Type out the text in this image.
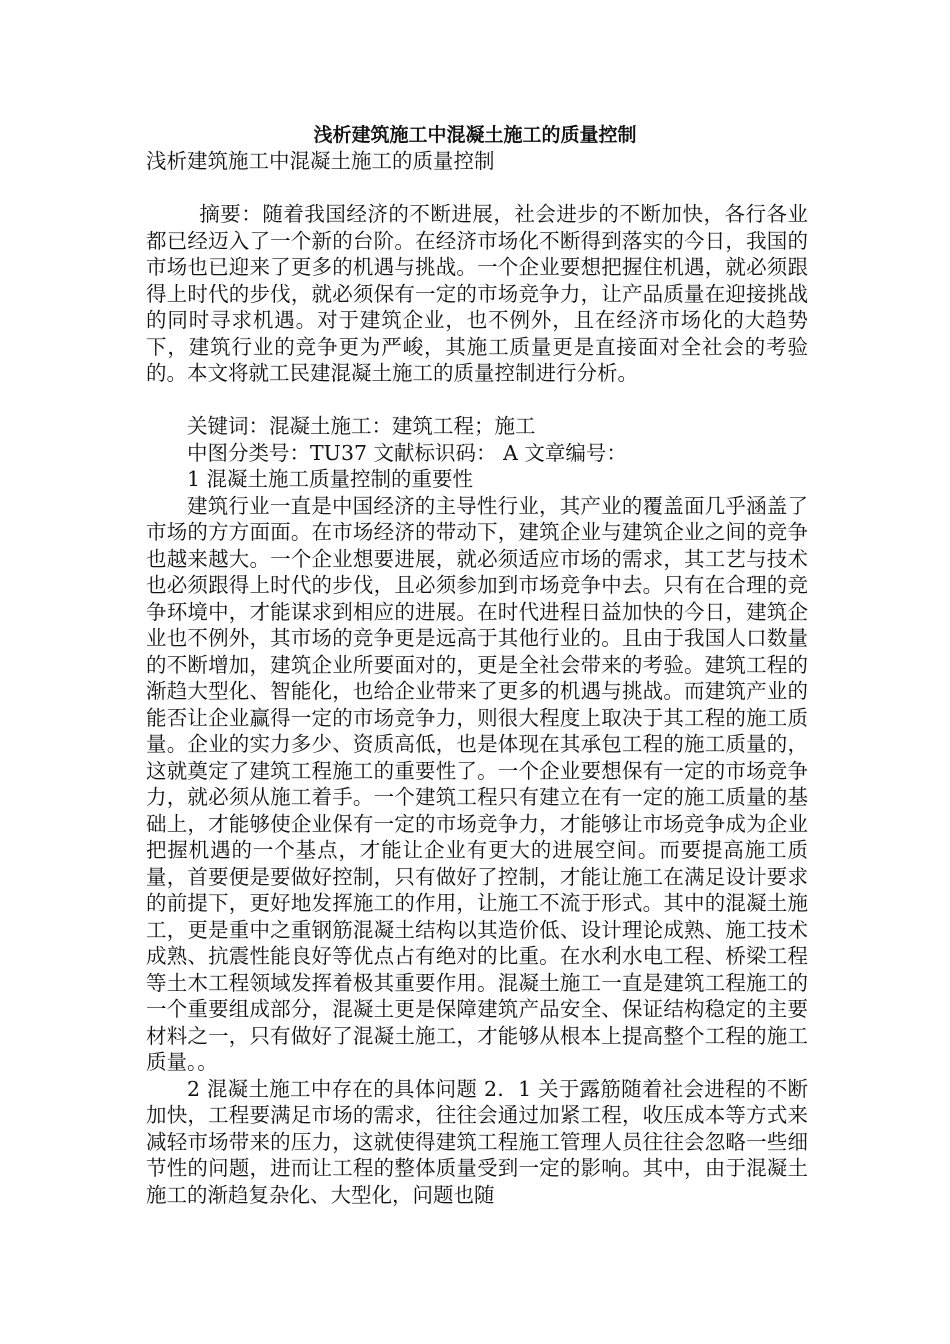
浅析建筑施工中混凝土施工的质量控制

浅析建筑施工中混凝土施工的质量控制

摘要：随着我国经济的不断进展，社会进步的不断加快，各行各业都已经迈入了一个新的台阶。在经济市场化不断得到落实的今日，我国的市场也已迎来了更多的机遇与挑战。一个企业要想把握住机遇，就必须跟得上时代的步伐，就必须保有一定的市场竞争力，让产品质量在迎接挑战的同时寻求机遇。对于建筑企业，也不例外，且在经济市场化的大趋势下，建筑行业的竞争更为严峻，其施工质量更是直接面对全社会的考验的。本文将就工民建混凝土施工的质量控制进行分析。

关键词：混凝土施工：建筑工程；施工

中图分类号：TU37 文献标识码： A 文章编号：

1 混凝土施工质量控制的重要性

建筑行业一直是中国经济的主导性行业，其产业的覆盖面几乎涵盖了市场的方方面面。在市场经济的带动下，建筑企业与建筑企业之间的竞争也越来越大。一个企业想要进展，就必须适应市场的需求，其工艺与技术也必须跟得上时代的步伐，且必须参加到市场竞争中去。只有在合理的竞争环境中，才能谋求到相应的进展。在时代进程日益加快的今日，建筑企业也不例外，其市场的竞争更是远高于其他行业的。且由于我国人口数量的不断增加，建筑企业所要面对的，更是全社会带来的考验。建筑工程的渐趋大型化、智能化，也给企业带来了更多的机遇与挑战。而建筑产业的能否让企业赢得一定的市场竞争力，则很大程度上取决于其工程的施工质量。企业的实力多少、资质高低，也是体现在其承包工程的施工质量的，这就奠定了建筑工程施工的重要性了。一个企业要想保有一定的市场竞争力，就必须从施工着手。一个建筑工程只有建立在有一定的施工质量的基础上，才能够使企业保有一定的市场竞争力，才能够让市场竞争成为企业把握机遇的一个基点，才能让企业有更大的进展空间。而要提高施工质量，首要便是要做好控制，只有做好了控制，才能让施工在满足设计要求的前提下，更好地发挥施工的作用，让施工不流于形式。其中的混凝土施工，更是重中之重钢筋混凝土结构以其造价低、设计理论成熟、施工技术成熟、抗震性能良好等优点占有绝对的比重。在水利水电工程、桥梁工程等土木工程领域发挥着极其重要作用。混凝土施工一直是建筑工程施工的一个重要组成部分，混凝土更是保障建筑产品安全、保证结构稳定的主要材料之一，只有做好了混凝土施工，才能够从根本上提高整个工程的施工质量。。

2 混凝土施工中存在的具体问题 2．1 关于露筋随着社会进程的不断加快，工程要满足市场的需求，往往会通过加紧工程，收压成本等方式来减轻市场带来的压力，这就使得建筑工程施工管理人员往往会忽略一些细节性的问题，进而让工程的整体质量受到一定的影响。其中，由于混凝土施工的渐趋复杂化、大型化，问题也随
